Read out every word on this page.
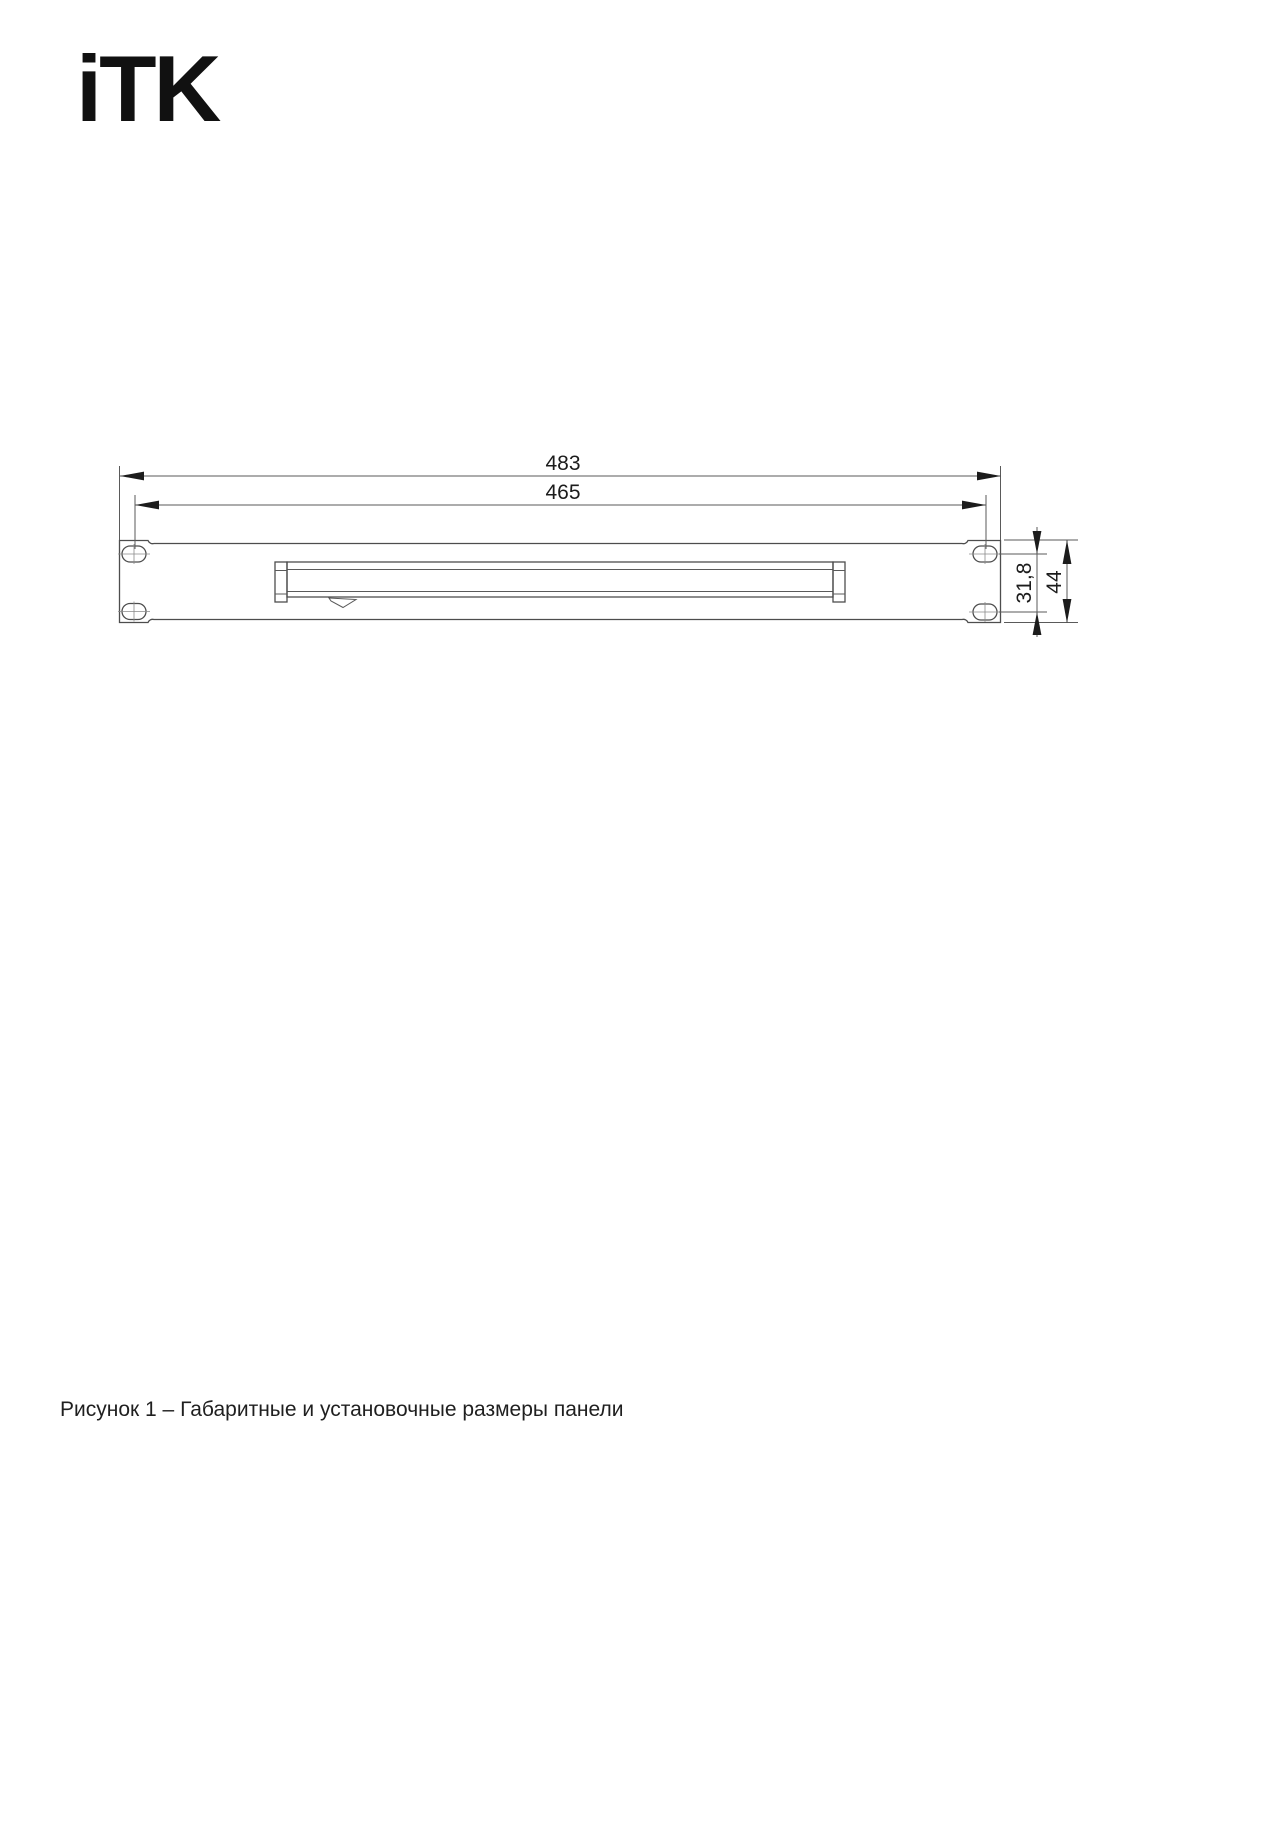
iTK
483
465
31,8 44
Рисунок 1 – Габаритные и установочные размеры панели
